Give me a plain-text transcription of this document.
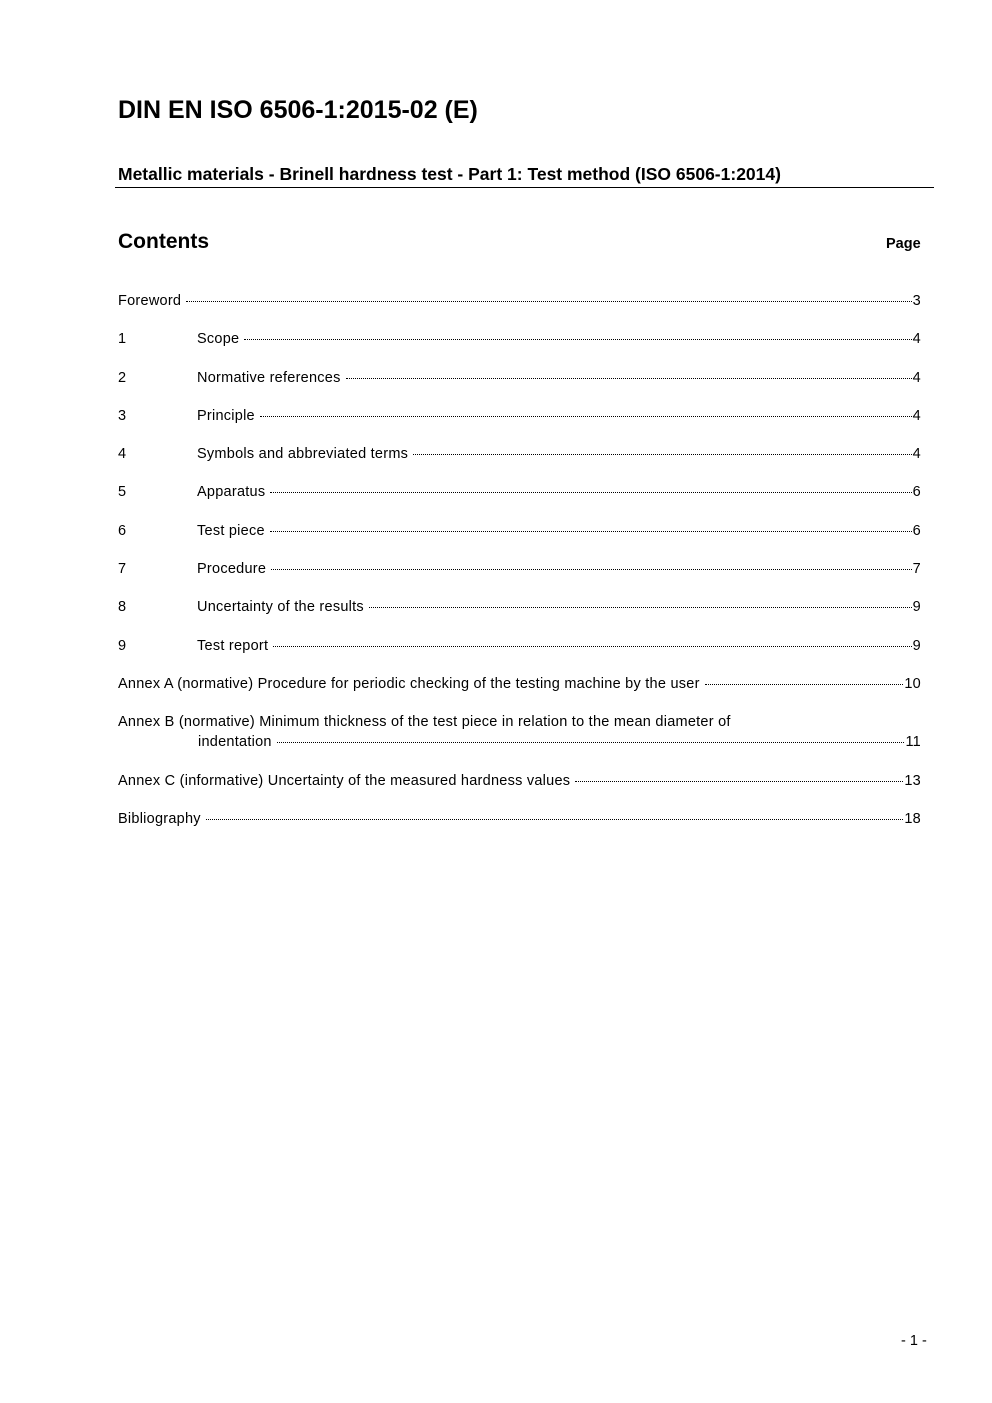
DIN EN ISO 6506-1:2015-02 (E)
Metallic materials - Brinell hardness test - Part 1: Test method (ISO 6506-1:2014)
Contents	Page
Foreword	3
1	Scope	4
2	Normative references	4
3	Principle	4
4	Symbols and abbreviated terms	4
5	Apparatus	6
6	Test piece	6
7	Procedure	7
8	Uncertainty of the results	9
9	Test report	9
Annex A (normative) Procedure for periodic checking of the testing machine by the user	10
Annex B (normative) Minimum thickness of the test piece in relation to the mean diameter of
indentation	11
Annex C (informative) Uncertainty of the measured hardness values	13
Bibliography	18
- 1 -
